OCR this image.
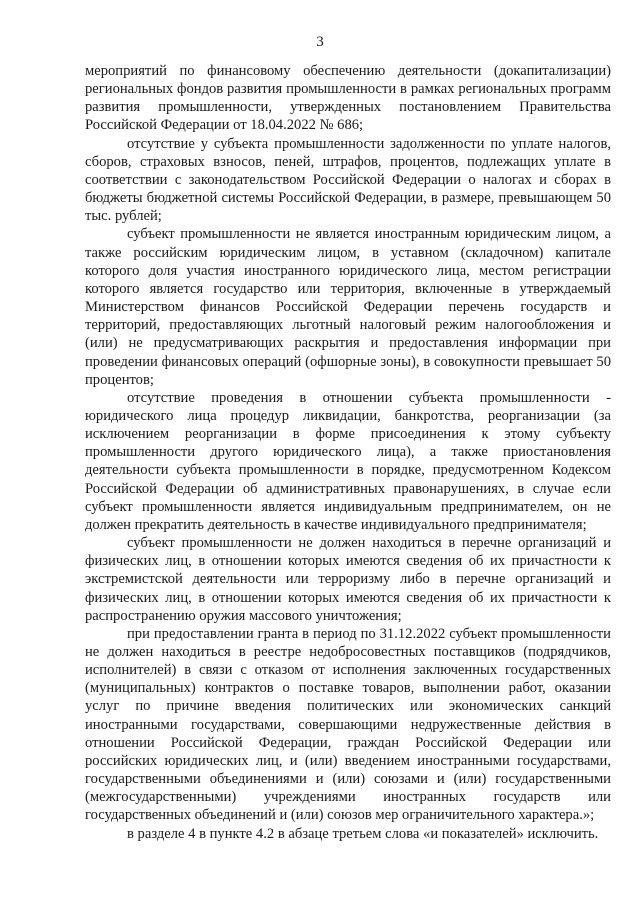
3

мероприятий по финансовому обеспечению деятельности (докапитализации) региональных фондов развития промышленности в рамках региональных программ развития промышленности, утвержденных постановлением Правительства Российской Федерации от 18.04.2022 № 686;

отсутствие у субъекта промышленности задолженности по уплате налогов, сборов, страховых взносов, пеней, штрафов, процентов, подлежащих уплате в соответствии с законодательством Российской Федерации о налогах и сборах в бюджеты бюджетной системы Российской Федерации, в размере, превышающем 50 тыс. рублей;

субъект промышленности не является иностранным юридическим лицом, а также российским юридическим лицом, в уставном (складочном) капитале которого доля участия иностранного юридического лица, местом регистрации которого является государство или территория, включенные в утверждаемый Министерством финансов Российской Федерации перечень государств и территорий, предоставляющих льготный налоговый режим налогообложения и (или) не предусматривающих раскрытия и предоставления информации при проведении финансовых операций (офшорные зоны), в совокупности превышает 50 процентов;

отсутствие проведения в отношении субъекта промышленности - юридического лица процедур ликвидации, банкротства, реорганизации (за исключением реорганизации в форме присоединения к этому субъекту промышленности другого юридического лица), а также приостановления деятельности субъекта промышленности в порядке, предусмотренном Кодексом Российской Федерации об административных правонарушениях, в случае если субъект промышленности является индивидуальным предпринимателем, он не должен прекратить деятельность в качестве индивидуального предпринимателя;

субъект промышленности не должен находиться в перечне организаций и физических лиц, в отношении которых имеются сведения об их причастности к экстремистской деятельности или терроризму либо в перечне организаций и физических лиц, в отношении которых имеются сведения об их причастности к распространению оружия массового уничтожения;

при предоставлении гранта в период по 31.12.2022 субъект промышленности не должен находиться в реестре недобросовестных поставщиков (подрядчиков, исполнителей) в связи с отказом от исполнения заключенных государственных (муниципальных) контрактов о поставке товаров, выполнении работ, оказании услуг по причине введения политических или экономических санкций иностранными государствами, совершающими недружественные действия в отношении Российской Федерации, граждан Российской Федерации или российских юридических лиц, и (или) введением иностранными государствами, государственными объединениями и (или) союзами и (или) государственными (межгосударственными) учреждениями иностранных государств или государственных объединений и (или) союзов мер ограничительного характера.»;

в разделе 4 в пункте 4.2 в абзаце третьем слова «и показателей» исключить.
